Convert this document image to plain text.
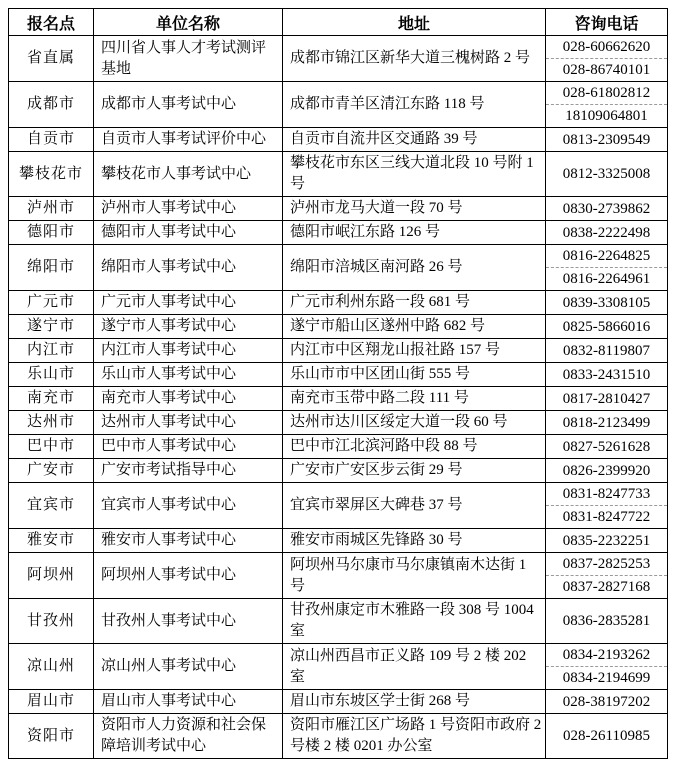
报名点	单位名称	地址	咨询电话
省直属	四川省人事人才考试测评基地	成都市锦江区新华大道三槐树路 2 号	028-60662620
028-86740101

成都市	成都市人事考试中心	成都市青羊区清江东路 118 号	028-61802812
18109064801

自贡市	自贡市人事考试评价中心	自贡市自流井区交通路 39 号	0813-2309549

攀枝花市	攀枝花市人事考试中心	攀枝花市东区三线大道北段 10 号附 1 号	0812-3325008

泸州市	泸州市人事考试中心	泸州市龙马大道一段 70 号	0830-2739862

德阳市	德阳市人事考试中心	德阳市岷江东路 126 号	0838-2222498

绵阳市	绵阳市人事考试中心	绵阳市涪城区南河路 26 号	0816-2264825
0816-2264961

广元市	广元市人事考试中心	广元市利州东路一段 681 号	0839-3308105

遂宁市	遂宁市人事考试中心	遂宁市船山区遂州中路 682 号	0825-5866016

内江市	内江市人事考试中心	内江市中区翔龙山报社路 157 号	0832-8119807

乐山市	乐山市人事考试中心	乐山市市中区团山街 555 号	0833-2431510

南充市	南充市人事考试中心	南充市玉带中路二段 111 号	0817-2810427

达州市	达州市人事考试中心	达州市达川区绥定大道一段 60 号	0818-2123499

巴中市	巴中市人事考试中心	巴中市江北滨河路中段 88 号	0827-5261628

广安市	广安市考试指导中心	广安市广安区步云街 29 号	0826-2399920

宜宾市	宜宾市人事考试中心	宜宾市翠屏区大碑巷 37 号	0831-8247733
0831-8247722

雅安市	雅安市人事考试中心	雅安市雨城区先锋路 30 号	0835-2232251

阿坝州	阿坝州人事考试中心	阿坝州马尔康市马尔康镇南木达街 1 号	0837-2825253
0837-2827168

甘孜州	甘孜州人事考试中心	甘孜州康定市木雅路一段 308 号 1004 室	0836-2835281

凉山州	凉山州人事考试中心	凉山州西昌市正义路 109 号 2 楼 202 室	0834-2193262
0834-2194699

眉山市	眉山市人事考试中心	眉山市东坡区学士街 268 号	028-38197202

资阳市	资阳市人力资源和社会保障培训考试中心	资阳市雁江区广场路 1 号资阳市政府 2 号楼 2 楼 0201 办公室	028-26110985
